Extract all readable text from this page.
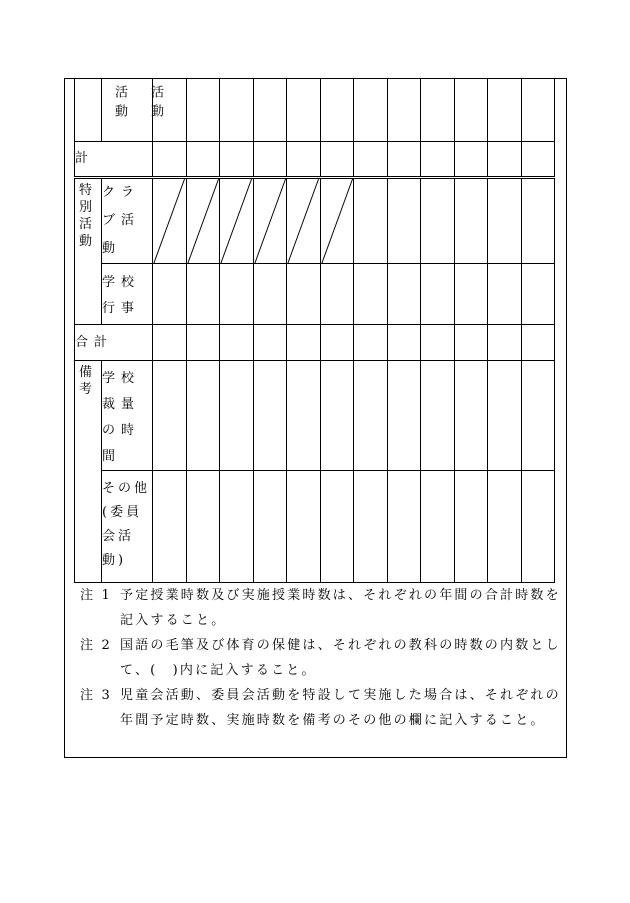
	活動 活動												

計													

特別活動	クラブ活動	

	学校行事												
合計													

備考	学校裁量の時間												
	その他(委員会活動)												
注 1 予定授業時数及び実施授業時数は、それぞれの年間の合計時数を記入すること。
注 2 国語の毛筆及び体育の保健は、それぞれの教科の時数の内数として、(　)内に記入すること。
注 3 児童会活動、委員会活動を特設して実施した場合は、それぞれの年間予定時数、実施時数を備考のその他の欄に記入すること。
